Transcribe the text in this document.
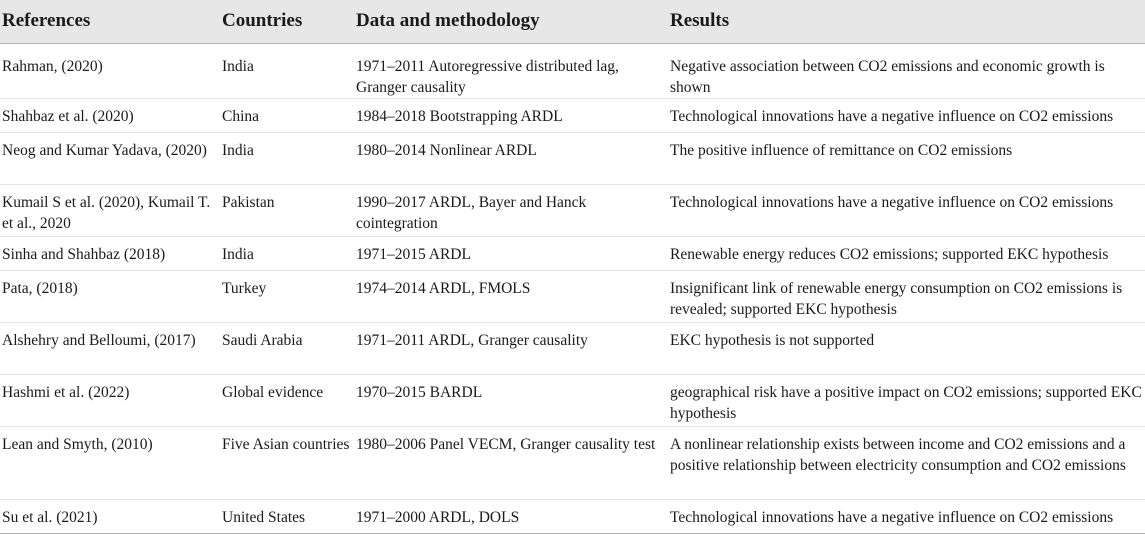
References	Countries	Data and methodology	Results
Rahman, (2020)	India	1971–2011 Autoregressive distributed lag, Granger causality	Negative association between CO2 emissions and economic growth is shown
Shahbaz et al. (2020)	China	1984–2018 Bootstrapping ARDL	Technological innovations have a negative influence on CO2 emissions
Neog and Kumar Yadava, (2020)	India	1980–2014 Nonlinear ARDL	The positive influence of remittance on CO2 emissions
Kumail S et al. (2020), Kumail T. et al., 2020	Pakistan	1990–2017 ARDL, Bayer and Hanck cointegration	Technological innovations have a negative influence on CO2 emissions
Sinha and Shahbaz (2018)	India	1971–2015 ARDL	Renewable energy reduces CO2 emissions; supported EKC hypothesis
Pata, (2018)	Turkey	1974–2014 ARDL, FMOLS	Insignificant link of renewable energy consumption on CO2 emissions is revealed; supported EKC hypothesis
Alshehry and Belloumi, (2017)	Saudi Arabia	1971–2011 ARDL, Granger causality	EKC hypothesis is not supported
Hashmi et al. (2022)	Global evidence	1970–2015 BARDL	geographical risk have a positive impact on CO2 emissions; supported EKC hypothesis
Lean and Smyth, (2010)	Five Asian countries	1980–2006 Panel VECM, Granger causality test	A nonlinear relationship exists between income and CO2 emissions and a positive relationship between electricity consumption and CO2 emissions
Su et al. (2021)	United States	1971–2000 ARDL, DOLS	Technological innovations have a negative influence on CO2 emissions
